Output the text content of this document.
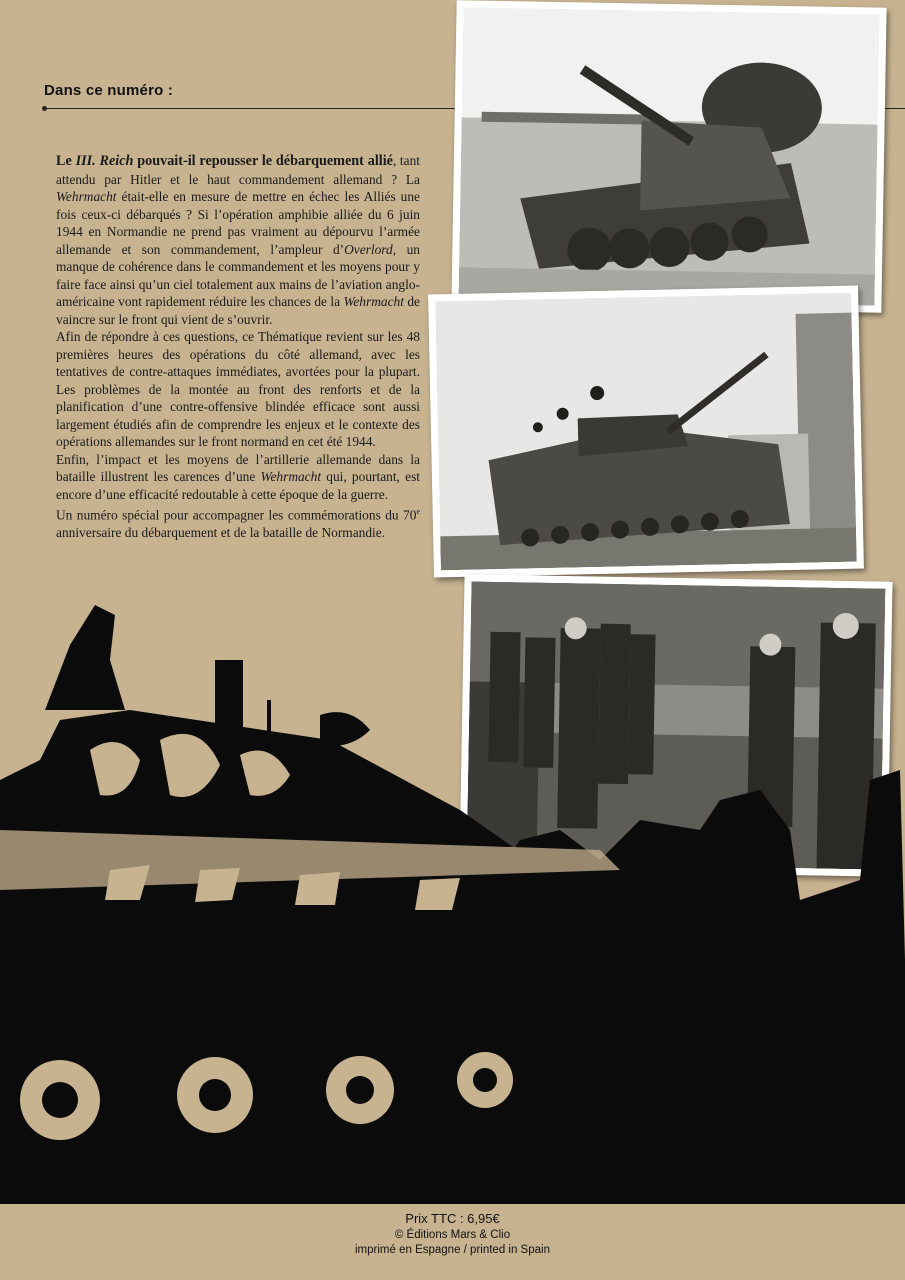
Dans ce numéro :

Le III. Reich pouvait-il repousser le débarquement allié, tant attendu par Hitler et le haut commandement allemand ? La Wehrmacht était-elle en mesure de mettre en échec les Alliés une fois ceux-ci débarqués ? Si l’opération amphibie alliée du 6 juin 1944 en Normandie ne prend pas vraiment au dépourvu l’armée allemande et son commandement, l’ampleur d’Overlord, un manque de cohérence dans le commandement et les moyens pour y faire face ainsi qu’un ciel totalement aux mains de l’aviation anglo-américaine vont rapidement réduire les chances de la Wehrmacht de vaincre sur le front qui vient de s’ouvrir.

Afin de répondre à ces questions, ce Thématique revient sur les 48 premières heures des opérations du côté allemand, avec les tentatives de contre-attaques immédiates, avortées pour la plupart. Les problèmes de la montée au front des renforts et de la planification d’une contre-offensive blindée efficace sont aussi largement étudiés afin de comprendre les enjeux et le contexte des opérations allemandes sur le front normand en cet été 1944.

Enfin, l’impact et les moyens de l’artillerie allemande dans la bataille illustrent les carences d’une Wehrmacht qui, pourtant, est encore d’une efficacité redoutable à cette époque de la guerre.

Un numéro spécial pour accompagner les commémorations du 70e anniversaire du débarquement et de la bataille de Normandie.

Prix TTC : 6,95€
© Éditions Mars & Clio
imprimé en Espagne / printed in Spain
